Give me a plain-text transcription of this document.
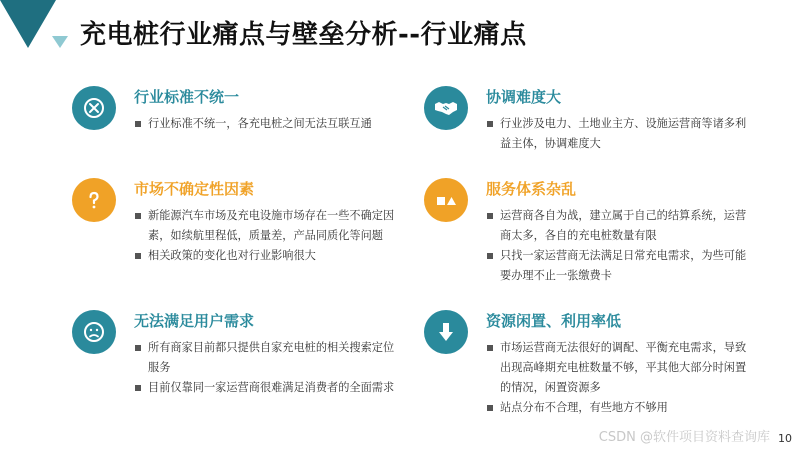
充电桩行业痛点与壁垒分析--行业痛点
行业标准不统一

行业标准不统一，各充电桩之间无法互联互通

市场不确定性因素

新能源汽车市场及充电设施市场存在一些不确定因素，如续航里程低，质量差，产品同质化等问题

相关政策的变化也对行业影响很大

无法满足用户需求

所有商家目前都只提供自家充电桩的相关搜索定位服务

目前仅靠同一家运营商很难满足消费者的全面需求

协调难度大

行业涉及电力、土地业主方、设施运营商等诸多利益主体，协调难度大

服务体系杂乱

运营商各自为战，建立属于自己的结算系统，运营商太多，各自的充电桩数量有限

只找一家运营商无法满足日常充电需求，为些可能要办理不止一张缴费卡

资源闲置、利用率低

市场运营商无法很好的调配、平衡充电需求，导致出现高峰期充电桩数量不够，平其他大部分时闲置的情况，闲置资源多

站点分布不合理，有些地方不够用

CSDN @软件项目资料查询库 10
